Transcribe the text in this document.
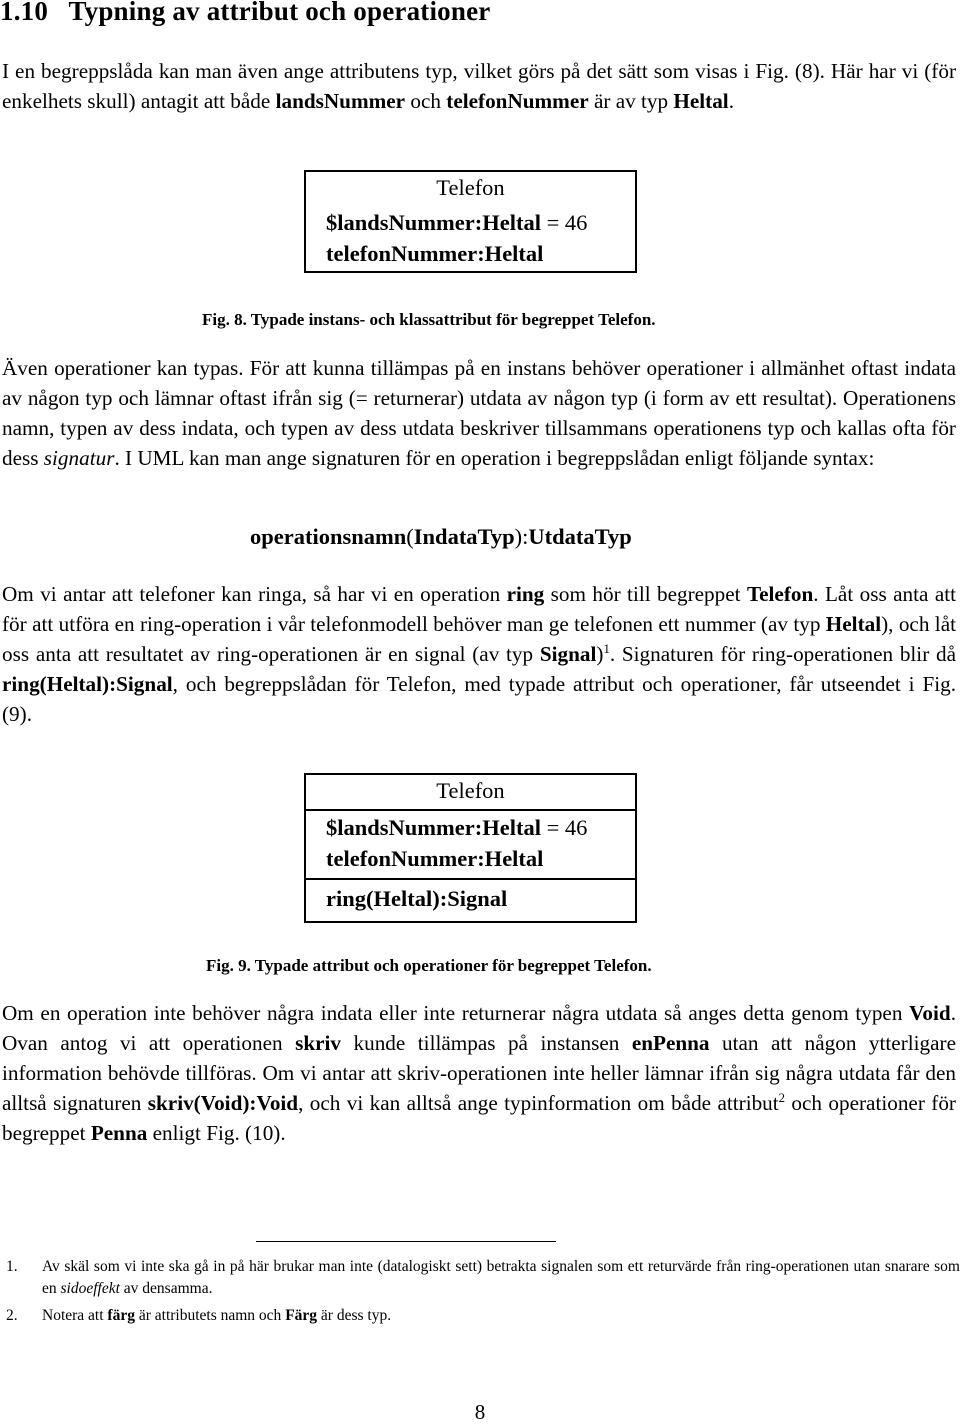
1.10 Typning av attribut och operationer

I en begreppslåda kan man även ange attributens typ, vilket görs på det sätt som visas i Fig. (8). Här har vi (för enkelhets skull) antagit att både landsNummer och telefonNummer är av typ Heltal.

Telefon
$landsNummer:Heltal = 46
telefonNummer:Heltal
Fig. 8. Typade instans- och klassattribut för begreppet Telefon.

Även operationer kan typas. För att kunna tillämpas på en instans behöver operationer i allmänhet oftast indata av någon typ och lämnar oftast ifrån sig (= returnerar) utdata av någon typ (i form av ett resultat). Operationens namn, typen av dess indata, och typen av dess utdata beskriver tillsammans operationens typ och kallas ofta för dess signatur. I UML kan man ange signaturen för en operation i begreppslådan enligt följande syntax:

operationsnamn(IndataTyp):UtdataTyp

Om vi antar att telefoner kan ringa, så har vi en operation ring som hör till begreppet Telefon. Låt oss anta att för att utföra en ring-operation i vår telefonmodell behöver man ge telefonen ett nummer (av typ Heltal), och låt oss anta att resultatet av ring-operationen är en signal (av typ Signal)$^1$. Signaturen för ring-operationen blir då ring(Heltal):Signal, och begreppslådan för Telefon, med typade attribut och operationer, får utseendet i Fig. (9).

Telefon
$landsNummer:Heltal = 46
telefonNummer:Heltal
ring(Heltal):Signal
Fig. 9. Typade attribut och operationer för begreppet Telefon.

Om en operation inte behöver några indata eller inte returnerar några utdata så anges detta genom typen Void. Ovan antog vi att operationen skriv kunde tillämpas på instansen enPenna utan att någon ytterligare information behövde tillföras. Om vi antar att skriv-operationen inte heller lämnar ifrån sig några utdata får den alltså signaturen skriv(Void):Void, och vi kan alltså ange typinformation om både attribut$^2$ och operationer för begreppet Penna enligt Fig. (10).

1. Av skäl som vi inte ska gå in på här brukar man inte (datalogiskt sett) betrakta signalen som ett returvärde från ring-operationen utan snarare som en sidoeffekt av densamma.
2. Notera att färg är attributets namn och Färg är dess typ.
8
